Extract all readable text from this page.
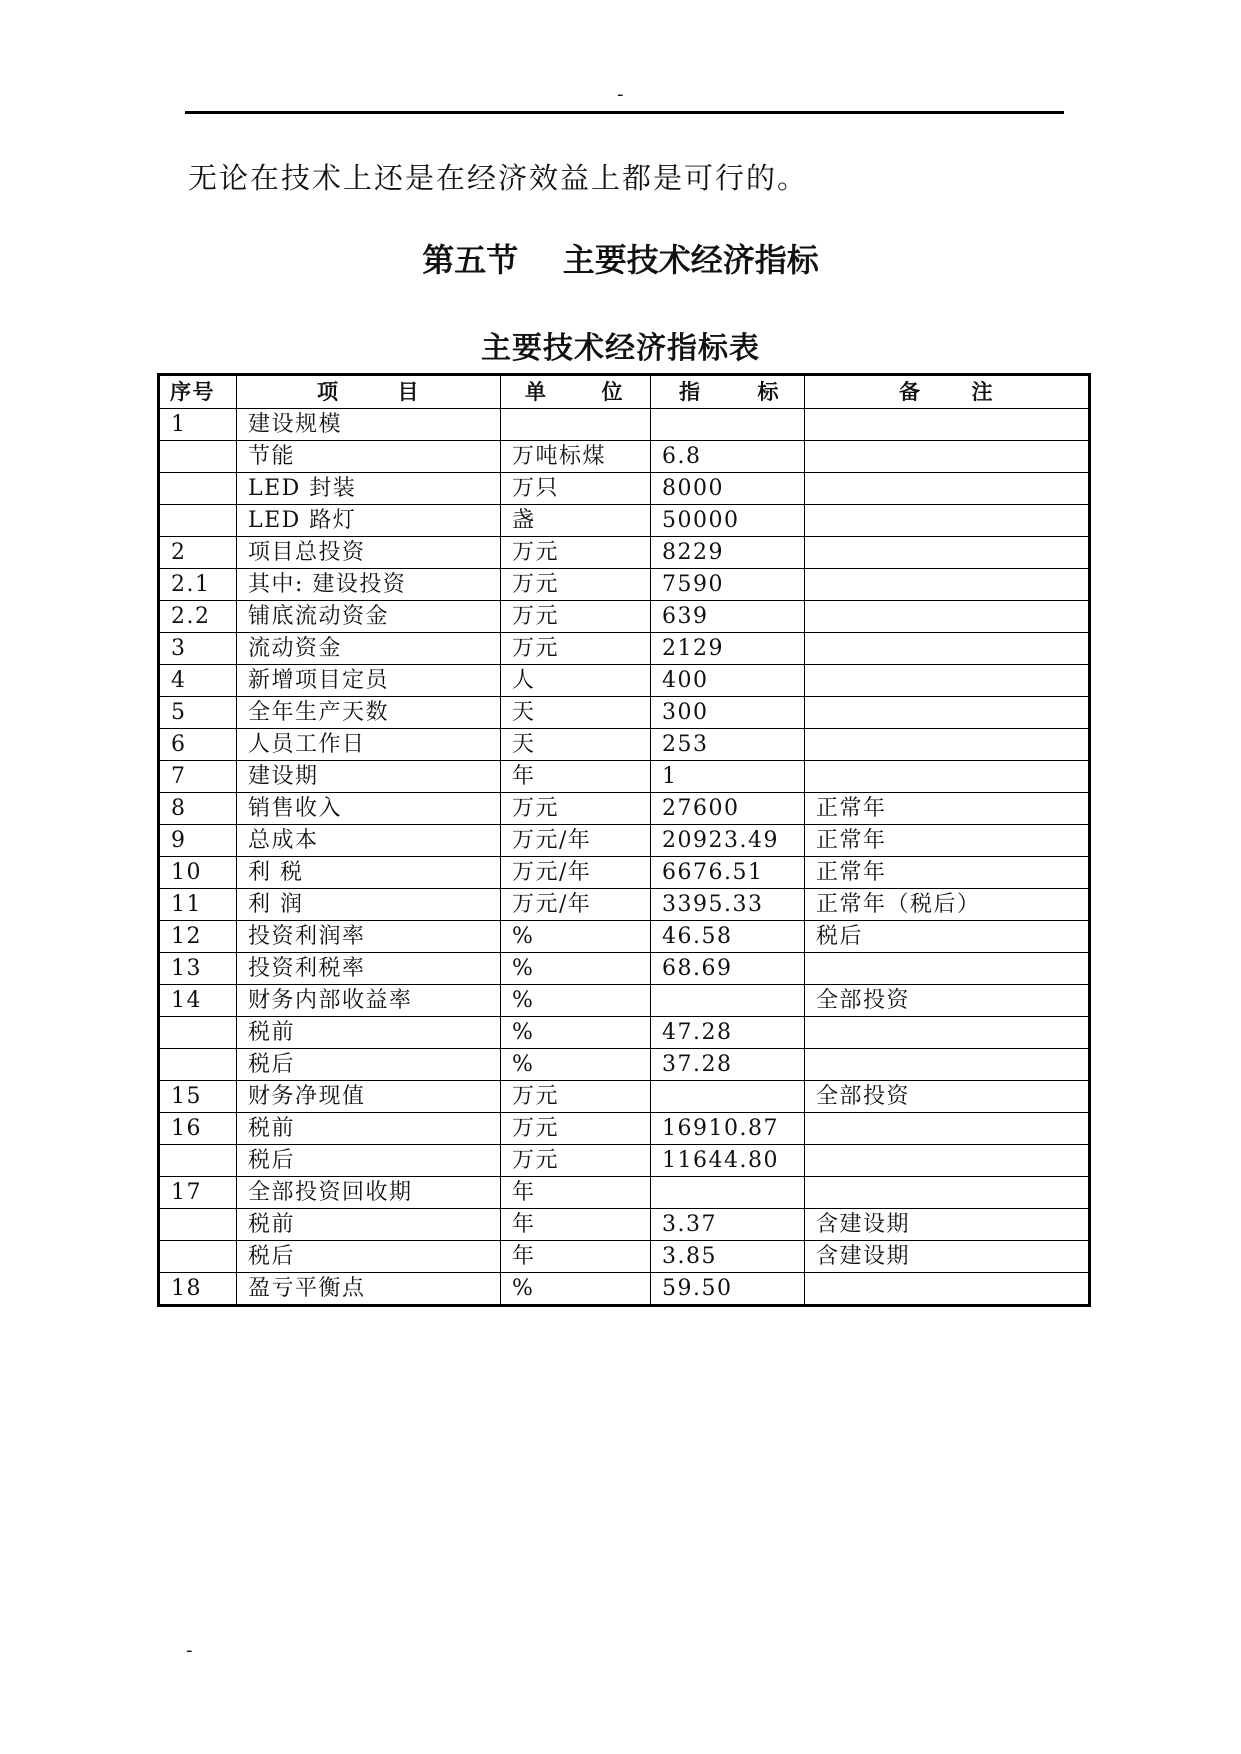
-
无论在技术上还是在经济效益上都是可行的。
第五节    主要技术经济指标
主要技术经济指标表
序号	项 目	单 位	指 标	备 注

1	建设规模			
	节能	万吨标煤	6.8	
	LED 封装	万只	8000	
	LED 路灯	盏	50000	
2	项目总投资	万元	8229	
2.1	其中: 建设投资	万元	7590	
2.2	铺底流动资金	万元	639	
3	流动资金	万元	2129	
4	新增项目定员	人	400	
5	全年生产天数	天	300	
6	人员工作日	天	253	
7	建设期	年	1	
8	销售收入	万元	27600	正常年
9	总成本	万元/年	20923.49	正常年
10	利 税	万元/年	6676.51	正常年
11	利 润	万元/年	3395.33	正常年（税后）
12	投资利润率	%	46.58	税后
13	投资利税率	%	68.69	
14	财务内部收益率	%		全部投资
	税前	%	47.28	
	税后	%	37.28	
15	财务净现值	万元		全部投资
16	税前	万元	16910.87	
	税后	万元	11644.80	
17	全部投资回收期	年		
	税前	年	3.37	含建设期
	税后	年	3.85	含建设期
18	盈亏平衡点	%	59.50	
-
